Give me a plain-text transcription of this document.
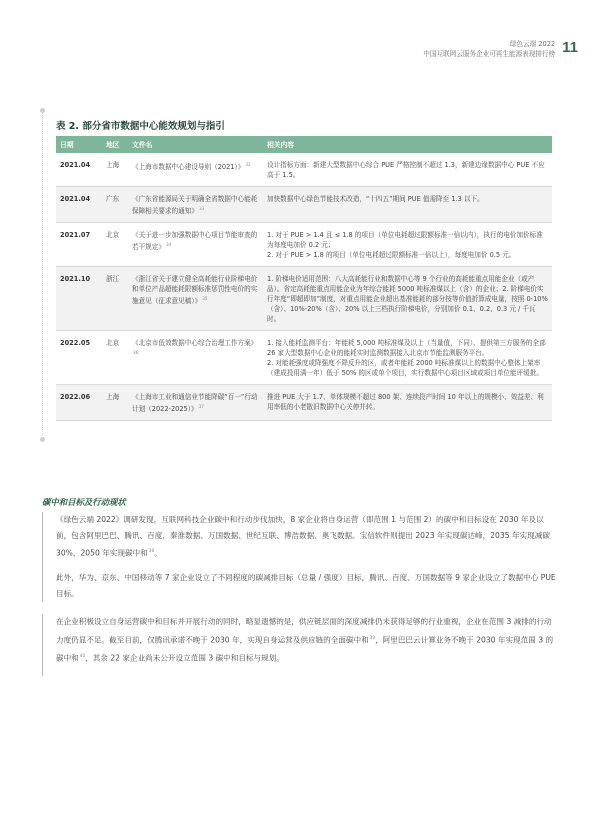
绿色云端 2022
中国互联网云服务企业可再生能源表现排行榜 11
表 2. 部分省市数据中心能效规划与指引
日期	地区	文件名	相关内容
2021.04	上海	《上海市数据中心建设导则（2021）》$^{32}$	设计指标方面：新建大型数据中心综合 PUE 严格控制不超过 1.3，新建边缘数据中心 PUE 不应高于 1.5。

2021.04	广东	《广东省能源局关于明确全省数据中心能耗保障相关要求的通知》$^{33}$	加快数据中心绿色节能技术改造，“十四五”期间 PUE 值需降至 1.3 以下。

2021.07	北京	《关于进一步加强数据中心项目节能审查的若干规定》$^{34}$	1. 对于 PUE > 1.4 且 ≤ 1.8 的项目（单位电耗超过限额标准一倍以内），执行的电价加价标准为每度电加价 0.2 元；
2. 对于 PUE > 1.8 的项目（单位电耗超过限额标准一倍以上），每度电加价 0.5 元。

2021.10	浙江	《浙江省关于建立健全高耗能行业阶梯电价和单位产品超能耗限额标准惩罚性电价的实施意见（征求意见稿）》$^{35}$	1. 阶梯电价适用范围：八大高耗能行业和数据中心等 9 个行业的高耗能重点用能企业（或产品）。省定高耗能重点用能企业为年综合能耗 5000 吨标准煤以上（含）的企业；2. 阶梯电价实行年度“即超即加”制度，对重点用能企业超出基准能耗的部分按等价值折算成电量，按照 0-10%（含）、10%-20%（含）、20% 以上三档执行阶梯电价，分别加价 0.1、0.2、0.3 元 / 千瓦时。

2022.05	北京	《北京市低效数据中心综合治理工作方案》$^{36}$	1. 接入能耗监测平台：年能耗 5,000 吨标准煤及以上（当量值，下同）、提供第三方服务的全部 26 家大型数据中心企业的能耗实时监测数据接入北京市节能监测服务平台。
2. 对能耗强度或降强度不降反升的区，或者年能耗 2000 吨标准煤以上的数据中心整体上架率（建成投用满一年）低于 50% 的区或单个项目，实行数据中心项目区域或项目单位能评缓批。

2022.06	上海	《上海市工业和通信业节能降碳“百一”行动计划（2022-2025）》$^{37}$	推进 PUE 大于 1.7、单体规模不超过 800 架、连续投产时间 10 年以上的规模小、效益差、利用率低的小老散旧数据中心关停并转。
碳中和目标及行动现状
《绿色云端 2022》调研发现，互联网科技企业碳中和行动步伐加快，8 家企业将自身运营（即范围 1 与范围 2）的碳中和目标设在 2030 年及以前，包含阿里巴巴、腾讯、百度、秦淮数据、万国数据、世纪互联、博浩数据、奥飞数据。宝信软件则提出 2023 年实现碳达峰，2035 年实现减碳 30%，2050 年实现碳中和$^{38}$。
此外，华为、京东、中国移动等 7 家企业设立了不同程度的碳减排目标（总量 / 强度）目标，腾讯、百度、万国数据等 9 家企业设立了数据中心 PUE 目标。
在企业积极设立自身运营碳中和目标并开展行动的同时，略显遗憾的是，供应链层面的深度减排仍未获得足够的行业重视，企业在范围 3 减排的行动力度仍显不足。截至目前，仅腾讯承诺不晚于 2030 年，实现自身运营及供应链的全面碳中和$^{39}$，阿里巴巴云计算业务不晚于 2030 年实现范围 3 的碳中和$^{40}$，其余 22 家企业尚未公开设立范围 3 碳中和目标与规划。
